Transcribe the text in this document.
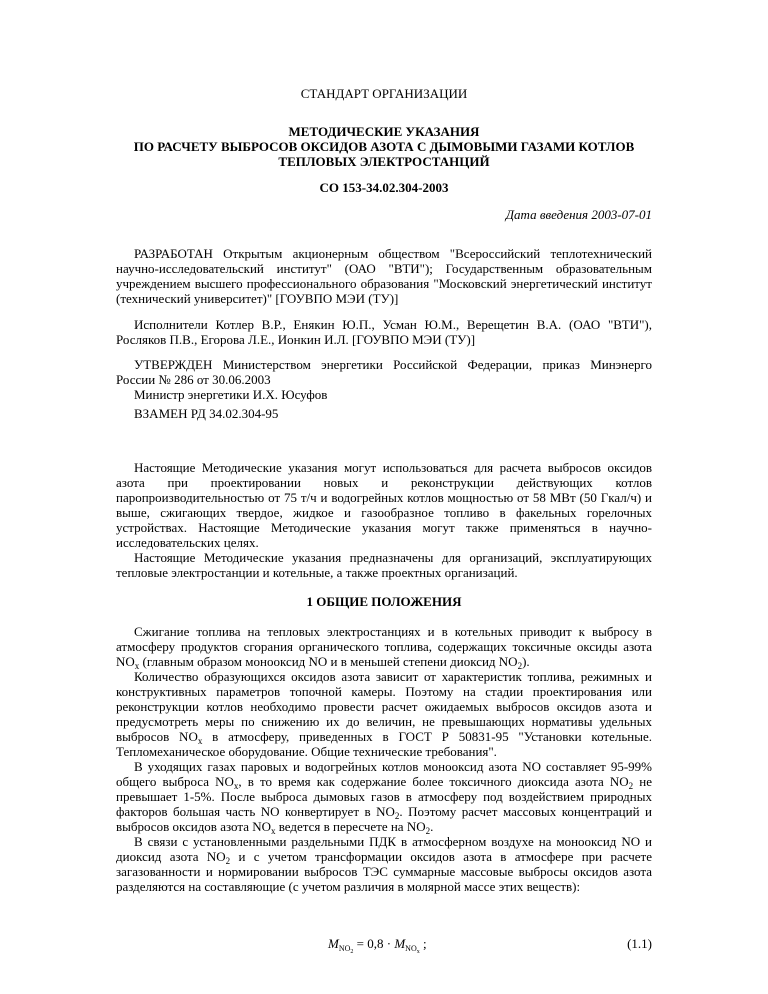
СТАНДАРТ ОРГАНИЗАЦИИ
МЕТОДИЧЕСКИЕ УКАЗАНИЯ
ПО РАСЧЕТУ ВЫБРОСОВ ОКСИДОВ АЗОТА С ДЫМОВЫМИ ГАЗАМИ КОТЛОВ
ТЕПЛОВЫХ ЭЛЕКТРОСТАНЦИЙ
СО 153-34.02.304-2003
Дата введения 2003-07-01

РАЗРАБОТАН Открытым акционерным обществом "Всероссийский теплотехнический научно-исследовательский институт" (ОАО "ВТИ"); Государственным образовательным учреждением высшего профессионального образования "Московский энергетический институт (технический университет)" [ГОУВПО МЭИ (ТУ)]

Исполнители Котлер В.Р., Енякин Ю.П., Усман Ю.М., Верещетин В.А. (ОАО "ВТИ"), Росляков П.В., Егорова Л.Е., Ионкин И.Л. [ГОУВПО МЭИ (ТУ)]

УТВЕРЖДЕН Министерством энергетики Российской Федерации, приказ Минэнерго России № 286 от 30.06.2003

Министр энергетики И.Х. Юсуфов

ВЗАМЕН РД 34.02.304-95

Настоящие Методические указания могут использоваться для расчета выбросов оксидов азота при проектировании новых и реконструкции действующих котлов паропроизводительностью от 75 т/ч и водогрейных котлов мощностью от 58 МВт (50 Гкал/ч) и выше, сжигающих твердое, жидкое и газообразное топливо в факельных горелочных устройствах. Настоящие Методические указания могут также применяться в научно-исследовательских целях.

Настоящие Методические указания предназначены для организаций, эксплуатирующих тепловые электростанции и котельные, а также проектных организаций.

1 ОБЩИЕ ПОЛОЖЕНИЯ

Сжигание топлива на тепловых электростанциях и в котельных приводит к выбросу в атмосферу продуктов сгорания органического топлива, содержащих токсичные оксиды азота $NO_x$ (главным образом монооксид NO и в меньшей степени диоксид $NO_2$).

Количество образующихся оксидов азота зависит от характеристик топлива, режимных и конструктивных параметров топочной камеры. Поэтому на стадии проектирования или реконструкции котлов необходимо провести расчет ожидаемых выбросов оксидов азота и предусмотреть меры по снижению их до величин, не превышающих нормативы удельных выбросов $NO_x$ в атмосферу, приведенных в ГОСТ Р 50831-95 "Установки котельные. Тепломеханическое оборудование. Общие технические требования".

В уходящих газах паровых и водогрейных котлов монооксид азота NO составляет 95-99% общего выброса $NO_x$, в то время как содержание более токсичного диоксида азота $NO_2$ не превышает 1-5%. После выброса дымовых газов в атмосферу под воздействием природных факторов большая часть NO конвертирует в $NO_2$. Поэтому расчет массовых концентраций и выбросов оксидов азота $NO_x$ ведется в пересчете на $NO_2$.

В связи с установленными раздельными ПДК в атмосферном воздухе на монооксид NO и диоксид азота $NO_2$ и с учетом трансформации оксидов азота в атмосфере при расчете загазованности и нормировании выбросов ТЭС суммарные массовые выбросы оксидов азота разделяются на составляющие (с учетом различия в молярной массе этих веществ):

$M_{NO_2} = 0,8 \cdot M_{NO_x}$ ;	(1.1)
